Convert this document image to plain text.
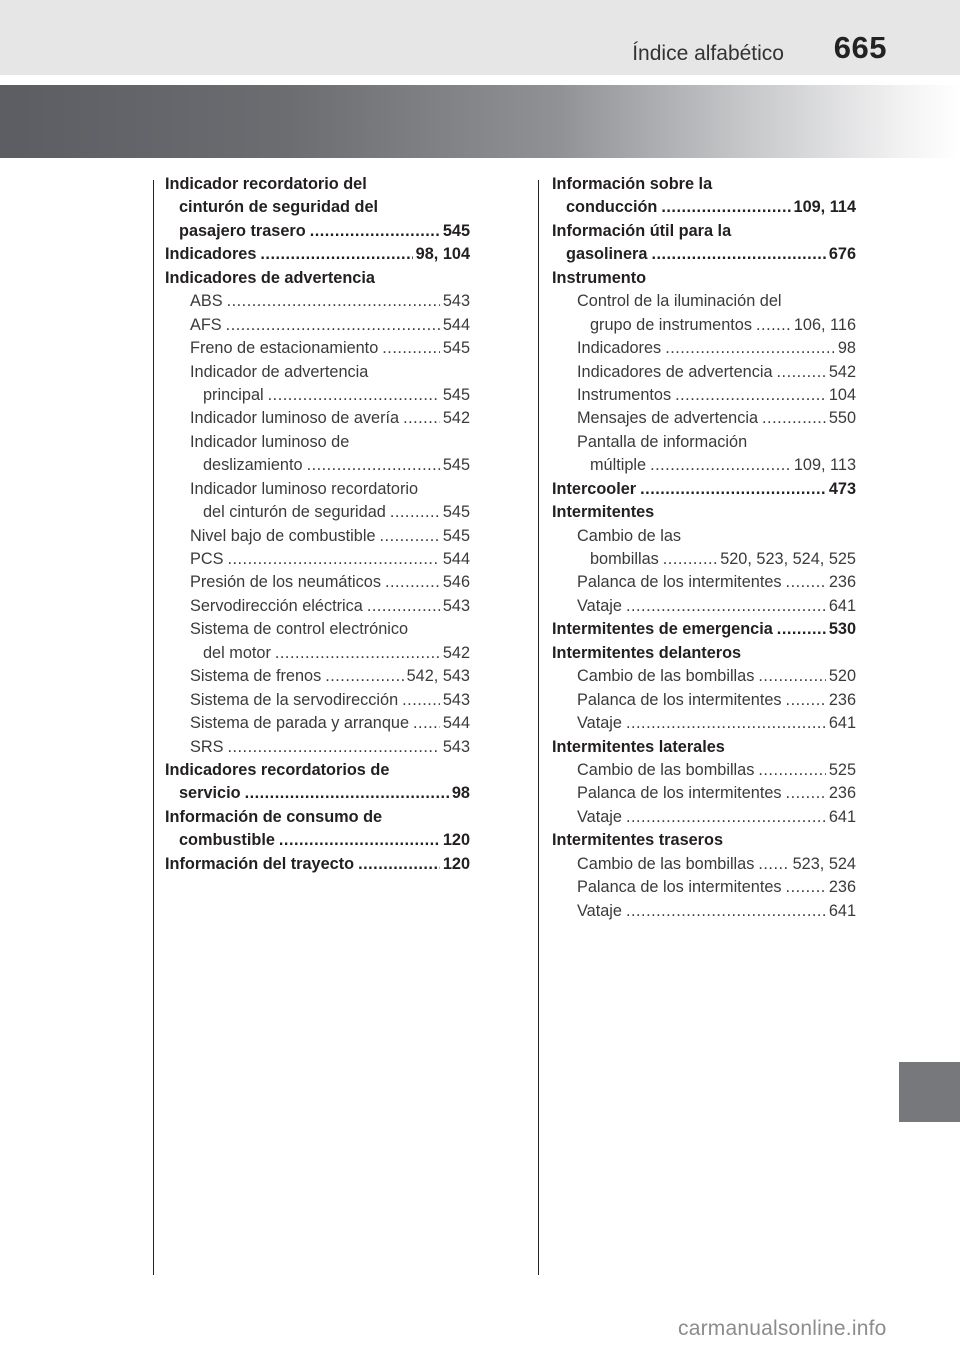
Índice alfabético 665
Indicador recordatorio del
cinturón de seguridad del
pasajero trasero .....	545
Indicadores .....	98, 104
Indicadores de advertencia
ABS .....	543
AFS .....	544
Freno de estacionamiento .....	545
Indicador de advertencia
principal .....	545
Indicador luminoso de avería .....	542
Indicador luminoso de
deslizamiento .....	545
Indicador luminoso recordatorio
del cinturón de seguridad .....	545
Nivel bajo de combustible .....	545
PCS .....	544
Presión de los neumáticos .....	546
Servodirección eléctrica .....	543
Sistema de control electrónico
del motor .....	542
Sistema de frenos .....	542, 543
Sistema de la servodirección .....	543
Sistema de parada y arranque ..... 544
SRS .....	543
Indicadores recordatorios de
servicio .....	98
Información de consumo de
combustible .....	120
Información del trayecto .....	120
Información sobre la
conducción .....	109, 114
Información útil para la
gasolinera .....	676
Instrumento
Control de la iluminación del
grupo de instrumentos .....	106, 116
Indicadores .....	98
Indicadores de advertencia .....	542
Instrumentos .....	104
Mensajes de advertencia .....	550
Pantalla de información
múltiple .....	109, 113
Intercooler .....	473
Intermitentes
Cambio de las
bombillas .....	520, 523, 524, 525
Palanca de los intermitentes .....	236
Vataje .....	641
Intermitentes de emergencia .....	530
Intermitentes delanteros
Cambio de las bombillas .....	520
Palanca de los intermitentes .....	236
Vataje .....	641
Intermitentes laterales
Cambio de las bombillas .....	525
Palanca de los intermitentes .....	236
Vataje .....	641
Intermitentes traseros
Cambio de las bombillas ..... 523, 524
Palanca de los intermitentes .....	236
Vataje .....	641
carmanualsonline.info
